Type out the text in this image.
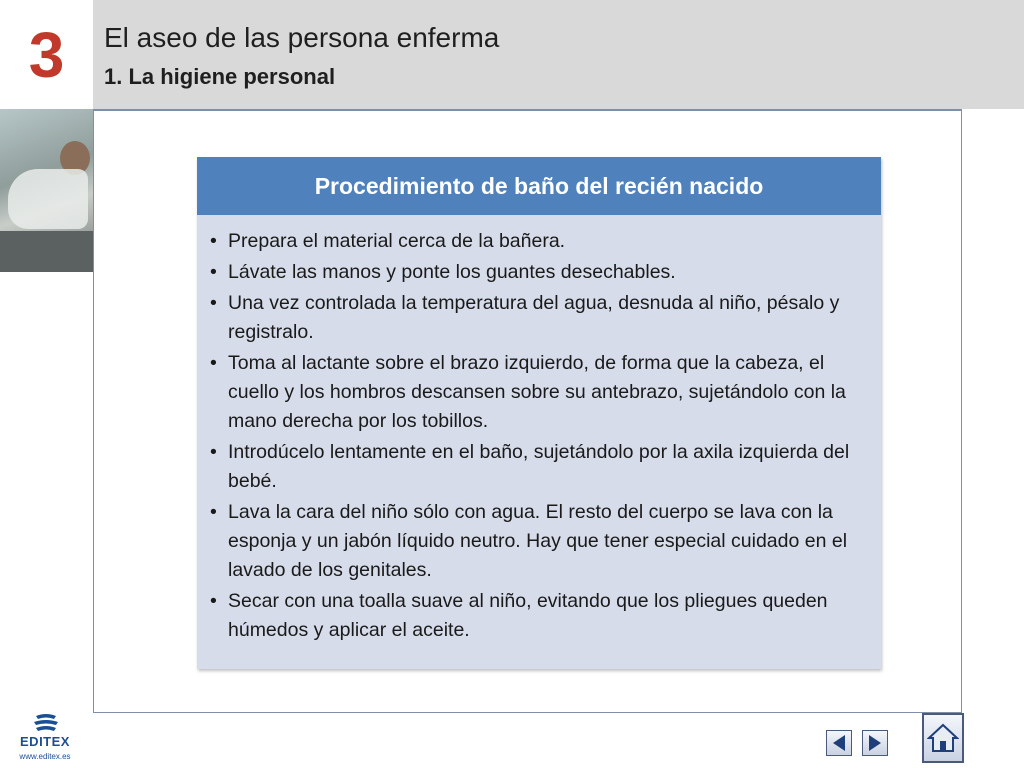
3	El aseo de las persona enferma
1. La higiene personal
Procedimiento de baño del recién nacido
• Prepara el material cerca de la bañera.
• Lávate las manos y ponte los guantes desechables.
• Una vez controlada la temperatura del agua, desnuda al niño, pésalo y registralo.
• Toma al lactante sobre el brazo izquierdo, de forma que la cabeza, el cuello y los hombros descansen sobre su antebrazo, sujetándolo con la mano derecha por los tobillos.
• Introdúcelo lentamente en el baño, sujetándolo por la axila izquierda del bebé.
• Lava la cara del niño sólo con agua. El resto del cuerpo se lava con la esponja y un jabón líquido neutro. Hay que tener especial cuidado en el lavado de los genitales.
• Secar con una toalla suave al niño, evitando que los pliegues queden húmedos y aplicar el aceite.
EDITEX
www.editex.es
